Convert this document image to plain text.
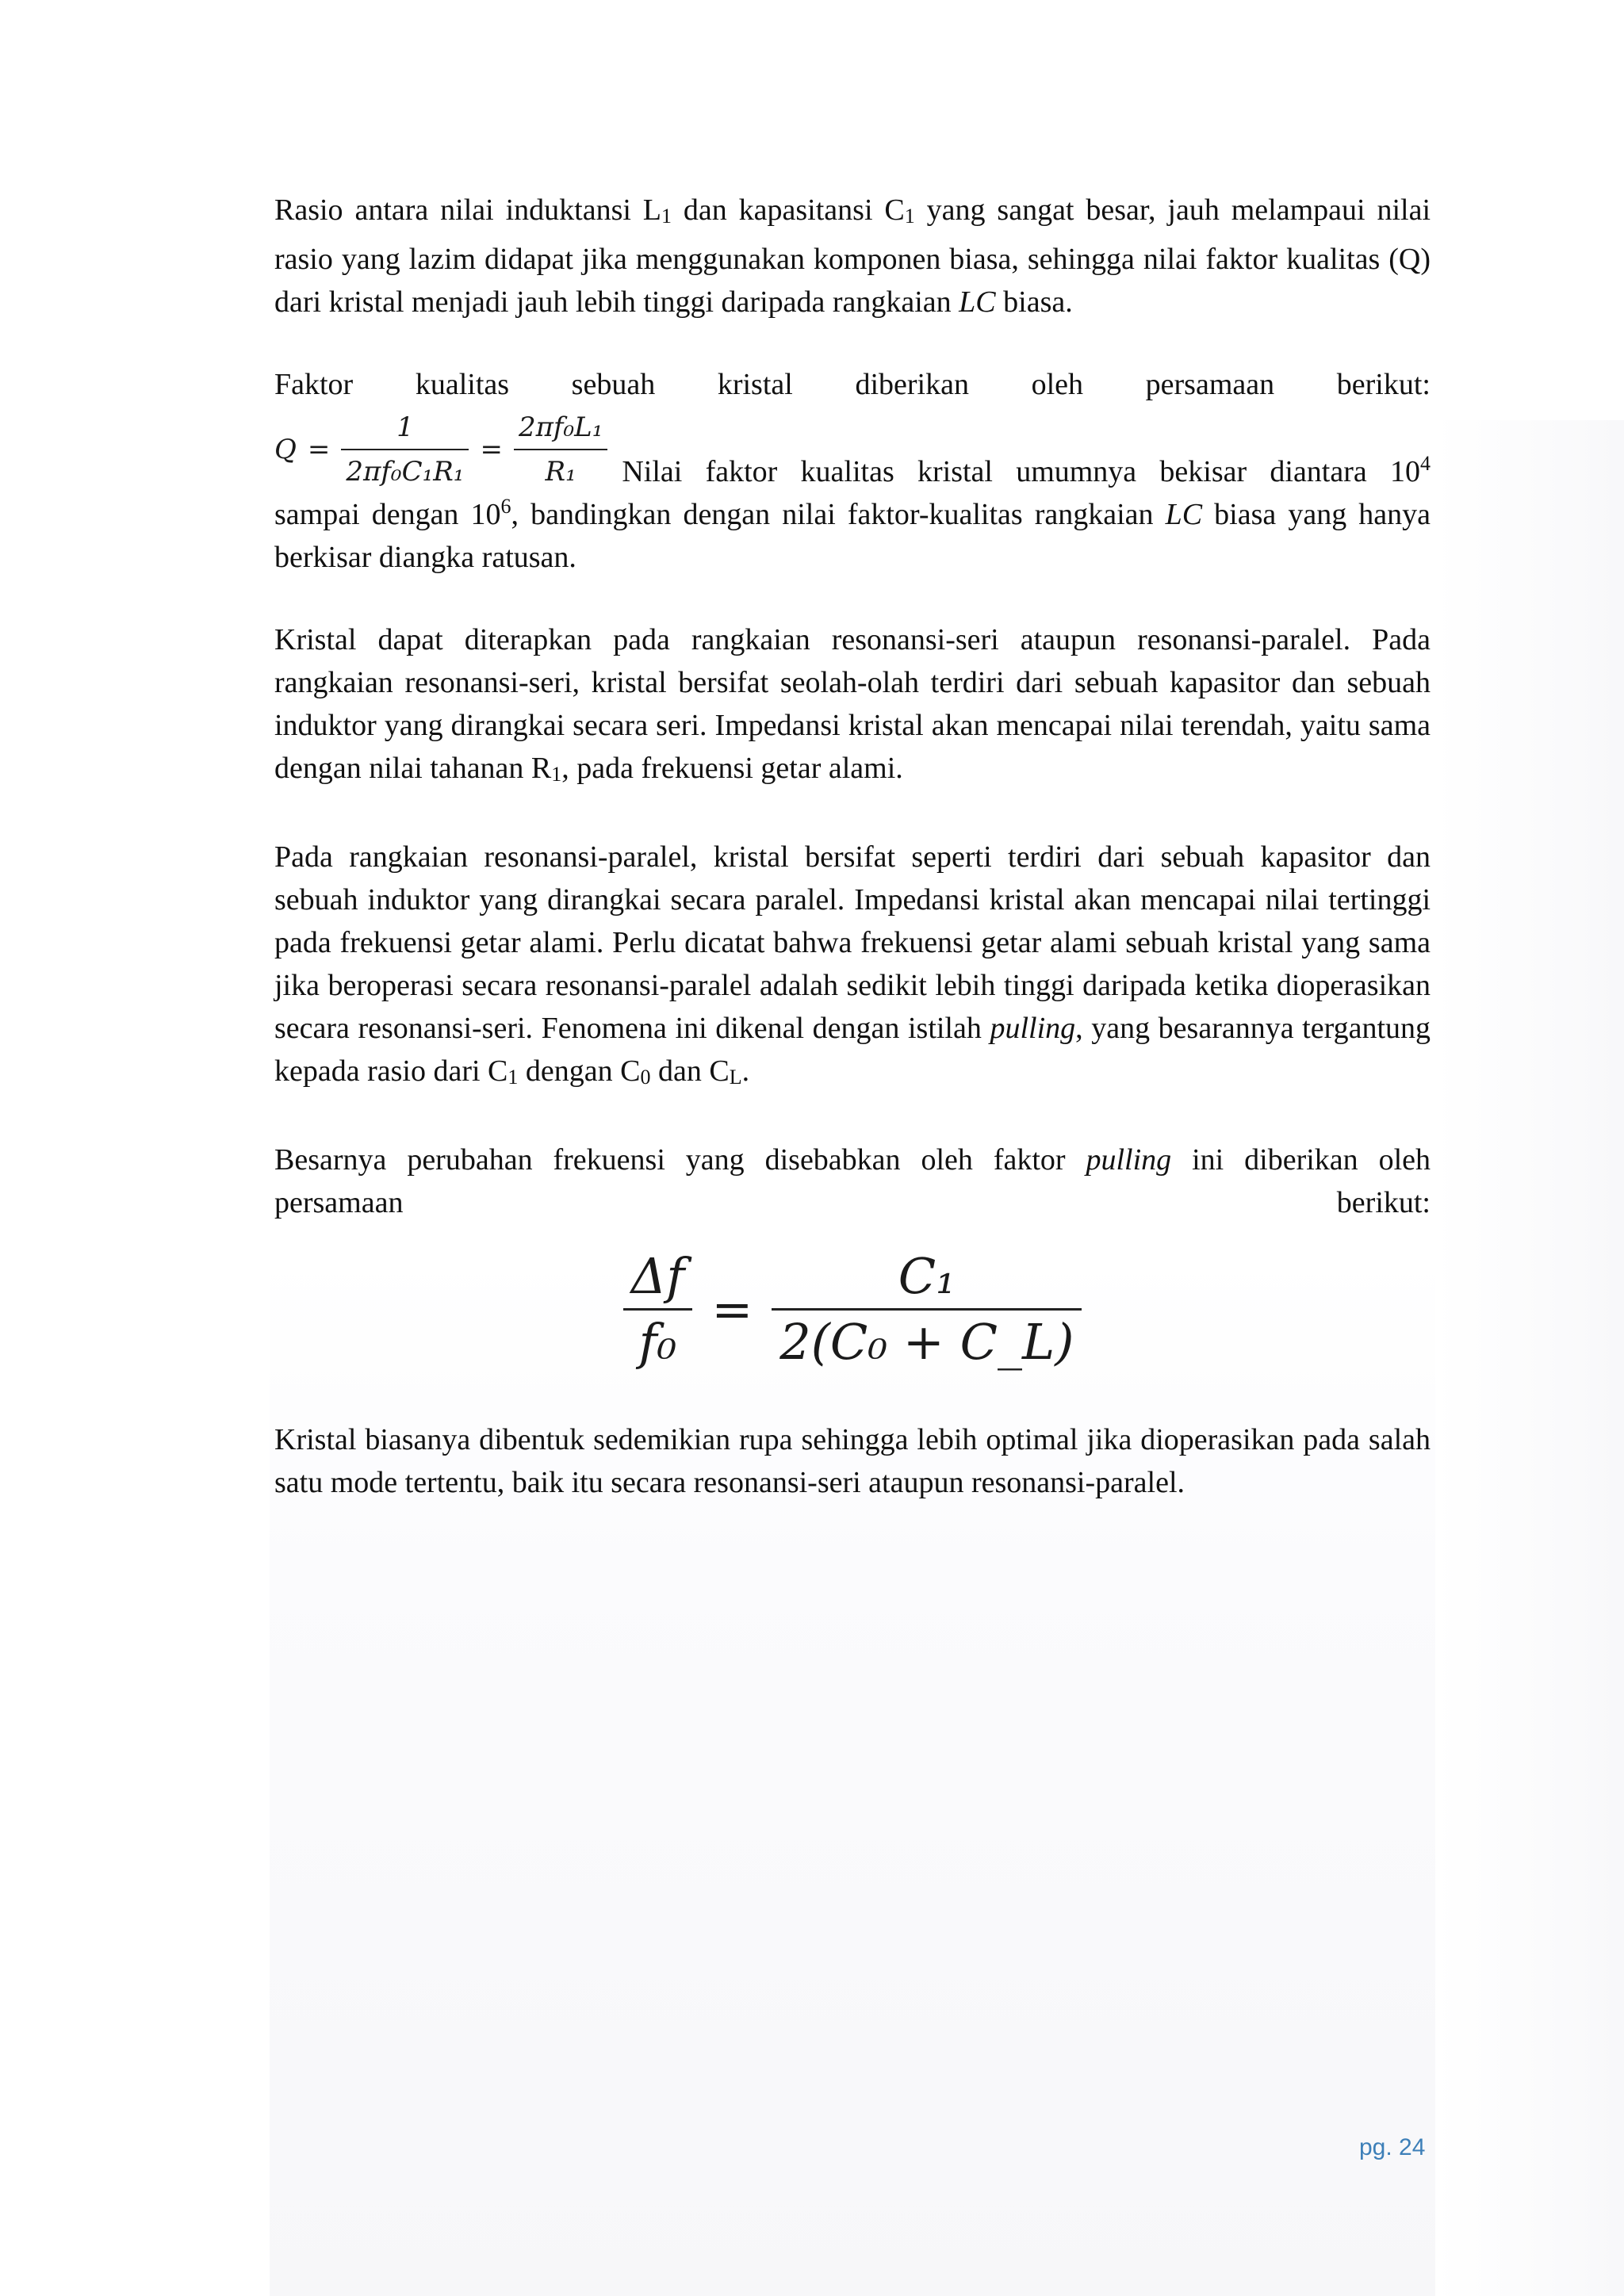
Rasio antara nilai induktansi $L_1$ dan kapasitansi $C_1$ yang sangat besar, jauh melampaui nilai rasio yang lazim didapat jika menggunakan komponen biasa, sehingga nilai faktor kualitas (Q) dari kristal menjadi jauh lebih tinggi daripada rangkaian LC biasa.

Faktor kualitas sebuah kristal diberikan oleh persamaan berikut:
$Q = \frac{1}{\text{2πf₀C₁R₁}} = \frac{\text{2πf₀L₁}}{\text{R₁}}$ Nilai faktor kualitas kristal umumnya bekisar diantara $10^4$
sampai dengan $10^6$, bandingkan dengan nilai faktor-kualitas rangkaian LC biasa yang hanya berkisar diangka ratusan.

Kristal dapat diterapkan pada rangkaian resonansi-seri ataupun resonansi-paralel. Pada rangkaian resonansi-seri, kristal bersifat seolah-olah terdiri dari sebuah kapasitor dan sebuah induktor yang dirangkai secara seri. Impedansi kristal akan mencapai nilai terendah, yaitu sama dengan nilai tahanan $R_1$, pada frekuensi getar alami.

Pada rangkaian resonansi-paralel, kristal bersifat seperti terdiri dari sebuah kapasitor dan sebuah induktor yang dirangkai secara paralel. Impedansi kristal akan mencapai nilai tertinggi pada frekuensi getar alami. Perlu dicatat bahwa frekuensi getar alami sebuah kristal yang sama jika beroperasi secara resonansi-paralel adalah sedikit lebih tinggi daripada ketika dioperasikan secara resonansi-seri. Fenomena ini dikenal dengan istilah pulling, yang besarannya tergantung kepada rasio dari $C_1$ dengan $C_0$ dan $C_L$.

Besarnya perubahan frekuensi yang disebabkan oleh faktor pulling ini diberikan oleh
persamaan	berikut:
$\frac{\Delta f}{\text{f₀}} = \frac{\text{C₁}}{\text{2(C₀ + C\_L)}}$

Kristal biasanya dibentuk sedemikian rupa sehingga lebih optimal jika dioperasikan pada salah satu mode tertentu, baik itu secara resonansi-seri ataupun resonansi-paralel.

pg. 24
